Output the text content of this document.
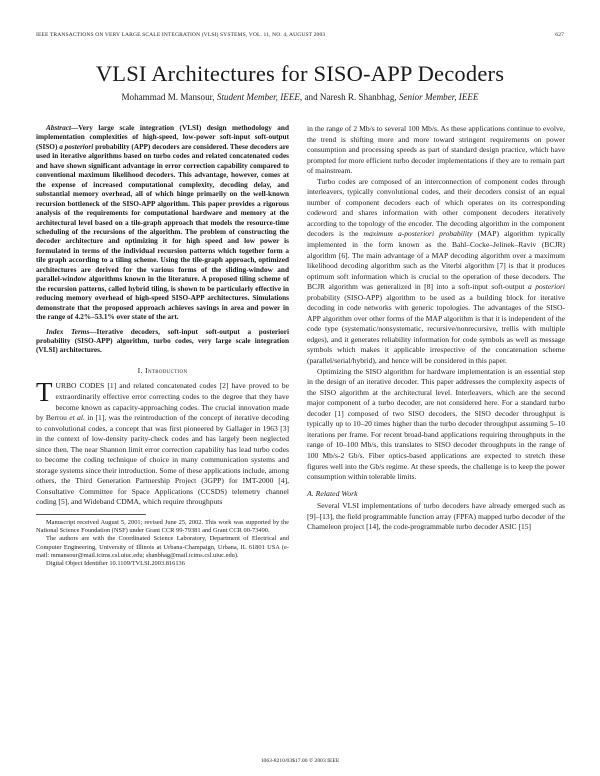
IEEE TRANSACTIONS ON VERY LARGE SCALE INTEGRATION (VLSI) SYSTEMS, VOL. 11, NO. 4, AUGUST 2003	627
VLSI Architectures for SISO-APP Decoders
Mohammad M. Mansour, Student Member, IEEE, and Naresh R. Shanbhag, Senior Member, IEEE

Abstract—Very large scale integration (VLSI) design methodology and implementation complexities of high-speed, low-power soft-input soft-output (SISO) a posteriori probability (APP) decoders are considered. These decoders are used in iterative algorithms based on turbo codes and related concatenated codes and have shown significant advantage in error correction capability compared to conventional maximum likelihood decoders. This advantage, however, comes at the expense of increased computational complexity, decoding delay, and substantial memory overhead, all of which hinge primarily on the well-known recursion bottleneck of the SISO-APP algorithm. This paper provides a rigorous analysis of the requirements for computational hardware and memory at the architectural level based on a tile-graph approach that models the resource-time scheduling of the recursions of the algorithm. The problem of constructing the decoder architecture and optimizing it for high speed and low power is formulated in terms of the individual recursion patterns which together form a tile graph according to a tiling scheme. Using the tile-graph approach, optimized architectures are derived for the various forms of the sliding-window and parallel-window algorithms known in the literature. A proposed tiling scheme of the recursion patterns, called hybrid tiling, is shown to be particularly effective in reducing memory overhead of high-speed SISO-APP architectures. Simulations demonstrate that the proposed approach achieves savings in area and power in the range of 4.2%–53.1% over state of the art.

Index Terms—Iterative decoders, soft-input soft-output a posteriori probability (SISO-APP) algorithm, turbo codes, very large scale integration (VLSI) architectures.

I. Introduction

TURBO CODES [1] and related concatenated codes [2] have proved to be extraordinarily effective error correcting codes to the degree that they have become known as capacity-approaching codes. The crucial innovation made by Berrou et al. in [1], was the reintroduction of the concept of iterative decoding to convolutional codes, a concept that was first pioneered by Gallager in 1963 [3] in the context of low-density parity-check codes and has largely been neglected since then. The near Shannon limit error correction capability has lead turbo codes to become the coding technique of choice in many communication systems and storage systems since their introduction. Some of these applications include, among others, the Third Generation Partnership Project (3GPP) for IMT-2000 [4], Consultative Committee for Space Applications (CCSDS) telemetry channel coding [5], and Wideband CDMA, which require throughputs

Manuscript received August 5, 2001; revised June 25, 2002. This work was supported by the National Science Foundation (NSF) under Grant CCR 99-79381 and Grant CCR 00-73490.

The authors are with the Coordinated Science Laboratory, Department of Electrical and Computer Engineering, University of Illinois at Urbana-Champaign, Urbana, IL 61801 USA (e-mail: mmansour@mail.icims.csl.uiuc.edu; shanbhag@mail.icims.csl.uiuc.edu).

Digital Object Identifier 10.1109/TVLSI.2003.816136

in the range of 2 Mb/s to several 100 Mb/s. As these applications continue to evolve, the trend is shifting more and more toward stringent requirements on power consumption and processing speeds as part of standard design practice, which have prompted for more efficient turbo decoder implementations if they are to remain part of mainstream.

Turbo codes are composed of an interconnection of component codes through interleavers, typically convolutional codes, and their decoders consist of an equal number of component decoders each of which operates on its corresponding codeword and shares information with other component decoders iteratively according to the topology of the encoder. The decoding algorithm in the component decoders is the maximum a-posteriori probability (MAP) algorithm typically implemented in the form known as the Bahl–Cocke–Jelinek–Raviv (BCJR) algorithm [6]. The main advantage of a MAP decoding algorithm over a maximum likelihood decoding algorithm such as the Viterbi algorithm [7] is that it produces optimum soft information which is crucial to the operation of these decoders. The BCJR algorithm was generalized in [8] into a soft-input soft-output a posteriori probability (SISO-APP) algorithm to be used as a building block for iterative decoding in code networks with generic topologies. The advantages of the SISO-APP algorithm over other forms of the MAP algorithm is that it is independent of the code type (systematic/nonsystematic, recursive/nonrecursive, trellis with multiple edges), and it generates reliability information for code symbols as well as message symbols which makes it applicable irrespective of the concatenation scheme (parallel/serial/hybrid), and hence will be considered in this paper.

Optimizing the SISO algorithm for hardware implementation is an essential step in the design of an iterative decoder. This paper addresses the complexity aspects of the SISO algorithm at the architectural level. Interleavers, which are the second major component of a turbo decoder, are not considered here. For a standard turbo decoder [1] composed of two SISO decoders, the SISO decoder throughput is typically up to 10–20 times higher than the turbo decoder throughput assuming 5–10 iterations per frame. For recent broad-band applications requiring throughputs in the range of 10–100 Mb/s, this translates to SISO decoder throughputs in the range of 100 Mb/s-2 Gb/s. Fiber optics-based applications are expected to stretch these figures well into the Gb/s regime. At these speeds, the challenge is to keep the power consumption within tolerable limits.

A. Related Work

Several VLSI implementations of turbo decoders have already emerged such as [9]–[13], the field programmable function array (FPFA) mapped turbo decoder of the Chameleon project [14], the code-programmable turbo decoder ASIC [15]

1063-8210/03$17.00 © 2003 IEEE
